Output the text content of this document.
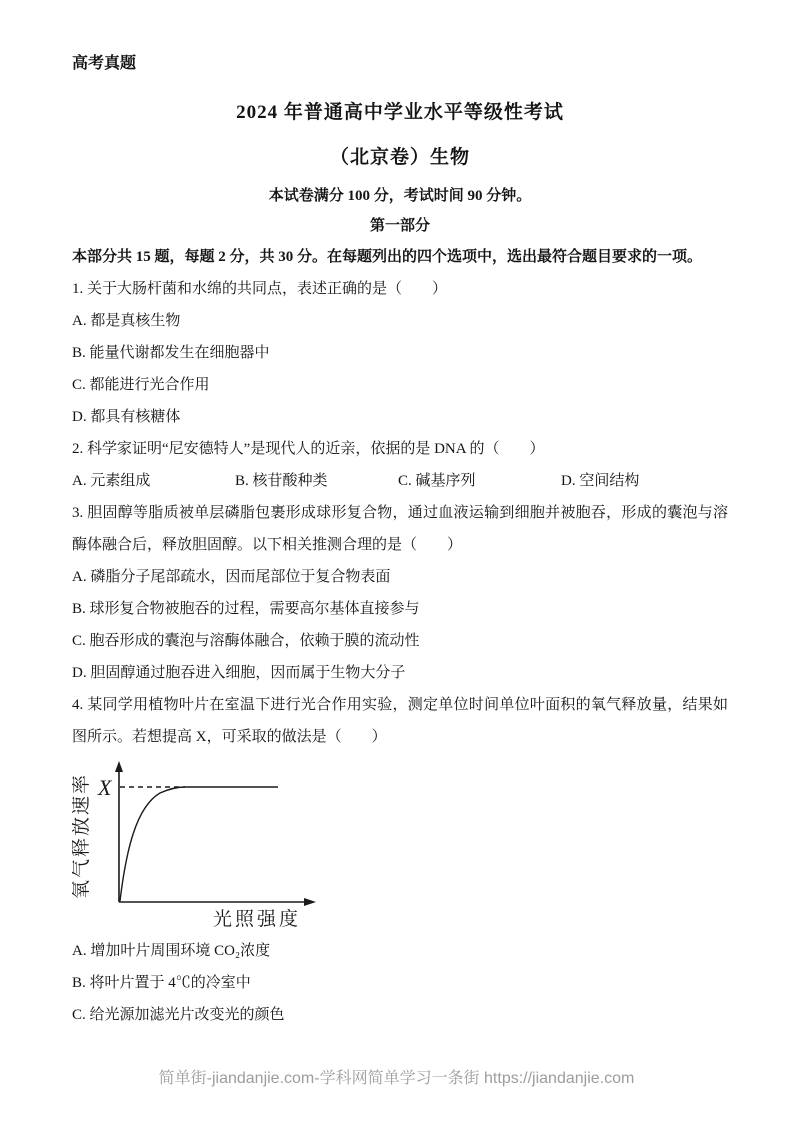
高考真题
2024 年普通高中学业水平等级性考试
（北京卷）生物
本试卷满分 100 分，考试时间 90 分钟。
第一部分
本部分共 15 题，每题 2 分，共 30 分。在每题列出的四个选项中，选出最符合题目要求的一项。
1. 关于大肠杆菌和水绵的共同点，表述正确的是（　　）
A. 都是真核生物
B. 能量代谢都发生在细胞器中
C. 都能进行光合作用
D. 都具有核糖体
2. 科学家证明“尼安德特人”是现代人的近亲，依据的是 DNA 的（　　）
A. 元素组成	B. 核苷酸种类	C. 碱基序列	D. 空间结构
3. 胆固醇等脂质被单层磷脂包裹形成球形复合物，通过血液运输到细胞并被胞吞，形成的囊泡与溶酶体融合后，释放胆固醇。以下相关推测合理的是（　　）
A. 磷脂分子尾部疏水，因而尾部位于复合物表面
B. 球形复合物被胞吞的过程，需要高尔基体直接参与
C. 胞吞形成的囊泡与溶酶体融合，依赖于膜的流动性
D. 胆固醇通过胞吞进入细胞，因而属于生物大分子
4. 某同学用植物叶片在室温下进行光合作用实验，测定单位时间单位叶面积的氧气释放量，结果如图所示。若想提高 X，可采取的做法是（　　）
X
氧气释放速率
光照强度
A. 增加叶片周围环境 CO₂浓度
B. 将叶片置于 4℃的冷室中
C. 给光源加滤光片改变光的颜色
简单街-jiandanjie.com-学科网简单学习一条街 https://jiandanjie.com
